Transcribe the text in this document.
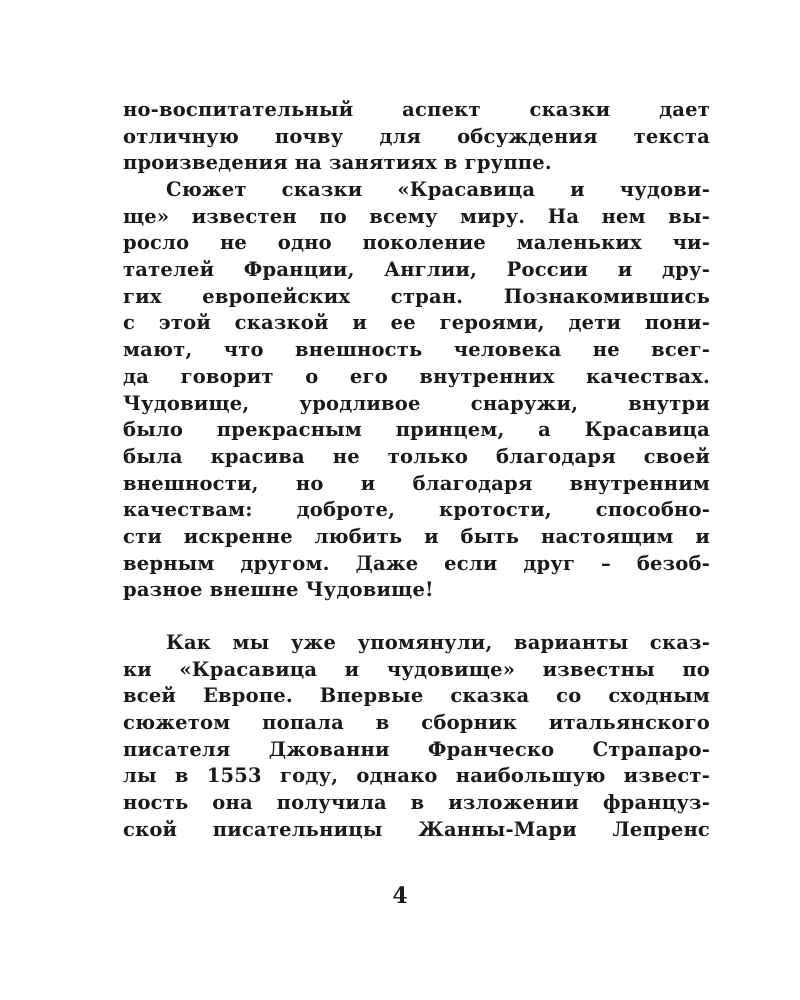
но-воспитательный аспект сказки дает
отличную почву для обсуждения текста
произведения на занятиях в группе.
Сюжет сказки «Красавица и чудови-
ще» известен по всему миру. На нем вы-
росло не одно поколение маленьких чи-
тателей Франции, Англии, России и дру-
гих европейских стран. Познакомившись
с этой сказкой и ее героями, дети пони-
мают, что внешность человека не всег-
да говорит о его внутренних качествах.
Чудовище, уродливое снаружи, внутри
было прекрасным принцем, а Красавица
была красива не только благодаря своей
внешности, но и благодаря внутренним
качествам: доброте, кротости, способно-
сти искренне любить и быть настоящим и
верным другом. Даже если друг – безоб-
разное внешне Чудовище!
Как мы уже упомянули, варианты сказ-
ки «Красавица и чудовище» известны по
всей Европе. Впервые сказка со сходным
сюжетом попала в сборник итальянского
писателя Джованни Франческо Страпаро-
лы в 1553 году, однако наибольшую извест-
ность она получила в изложении француз-
ской писательницы Жанны-Мари Лепренс
4
